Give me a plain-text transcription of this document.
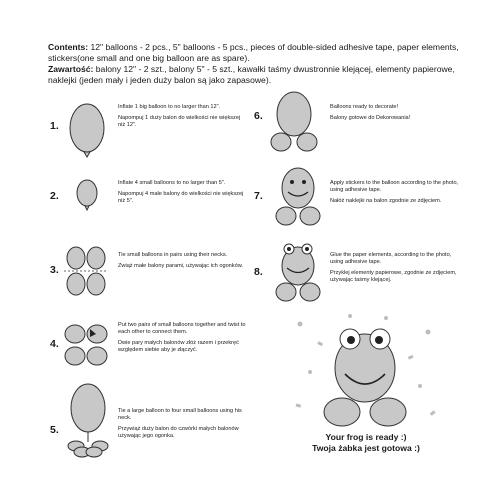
Contents: 12" balloons - 2 pcs., 5" balloons - 5 pcs., pieces of double-sided adhesive tape, paper elements, stickers(one small and one big balloon are as spare).

Zawartość: balony 12" - 2 szt., balony 5" - 5 szt., kawałki taśmy dwustronnie klejącej, elementy papierowe, naklejki (jeden mały i jeden duży balon są jako zapasowe).

1.

Inflate 1 big balloon to no larger than 12".

Napompuj 1 duży balon do wielkości nie większej niż 12".

2.

Inflate 4 small balloons to no larger than 5".

Napompuj 4 małe balony do wielkości nie większej niż 5".

3.

Tie small balloons in pairs using their necks.

Zwiąż małe balony parami, używając ich ogonków.

4.

Put two pairs of small balloons together and twist to each other to connect them.

Dwie pary małych balonów złóż razem i przekręć względem siebie aby je złączyć.

5.

Tie a large balloon to four small balloons using his neck.

Przywiąż duży balon do czwórki małych balonów używając jego ogonka.

6.

Balloons ready to decorate!

Balony gotowe do Dekorowania!

7.

Apply stickers to the balloon according to the photo, using adhesive tape.

Nałóż naklejki na balon zgodnie ze zdjęciem.

8.

Glue the paper elements, according to the photo, using adhesive tape.

Przyklej elementy papierowe, zgodnie ze zdjęciem, używając taśmy klejącej.

Your frog is ready :)

Twoja żabka jest gotowa :)
